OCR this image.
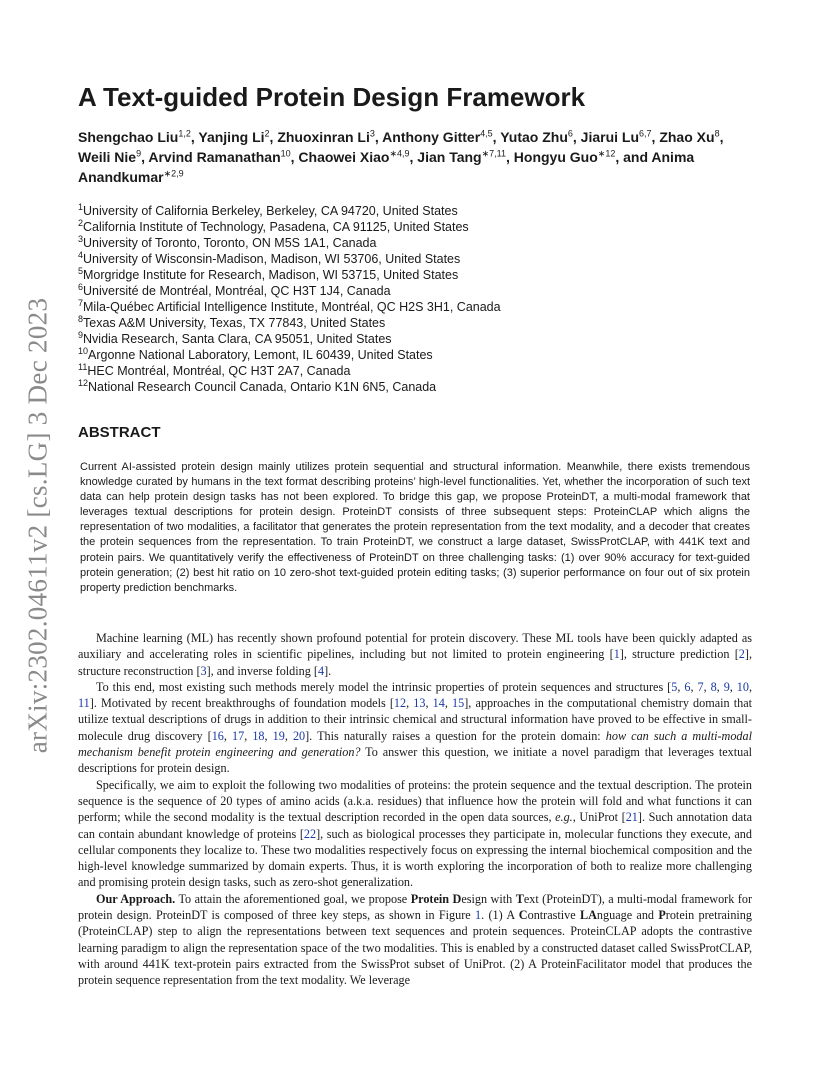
arXiv:2302.04611v2 [cs.LG] 3 Dec 2023
A Text-guided Protein Design Framework
Shengchao Liu$^{1,2}$, Yanjing Li$^2$, Zhuoxinran Li$^3$, Anthony Gitter$^{4,5}$, Yutao Zhu$^6$, Jiarui Lu$^{6,7}$, Zhao Xu$^8$, Weili Nie$^9$, Arvind Ramanathan$^{10}$, Chaowei Xiao$^{∗4,9}$, Jian Tang$^{∗7,11}$, Hongyu Guo$^{∗12}$, and Anima Anandkumar$^{∗2,9}$
$^1$University of California Berkeley, Berkeley, CA 94720, United States
$^2$California Institute of Technology, Pasadena, CA 91125, United States
$^3$University of Toronto, Toronto, ON M5S 1A1, Canada
$^4$University of Wisconsin-Madison, Madison, WI 53706, United States
$^5$Morgridge Institute for Research, Madison, WI 53715, United States
$^6$Université de Montréal, Montréal, QC H3T 1J4, Canada
$^7$Mila-Québec Artificial Intelligence Institute, Montréal, QC H2S 3H1, Canada
$^8$Texas A&M University, Texas, TX 77843, United States
$^9$Nvidia Research, Santa Clara, CA 95051, United States
$^{10}$Argonne National Laboratory, Lemont, IL 60439, United States
$^{11}$HEC Montréal, Montréal, QC H3T 2A7, Canada
$^{12}$National Research Council Canada, Ontario K1N 6N5, Canada
ABSTRACT
Current AI-assisted protein design mainly utilizes protein sequential and structural information. Meanwhile, there exists tremendous knowledge curated by humans in the text format describing proteins’ high-level functionalities. Yet, whether the incorporation of such text data can help protein design tasks has not been explored. To bridge this gap, we propose ProteinDT, a multi-modal framework that leverages textual descriptions for protein design. ProteinDT consists of three subsequent steps: ProteinCLAP which aligns the representation of two modalities, a facilitator that generates the protein representation from the text modality, and a decoder that creates the protein sequences from the representation. To train ProteinDT, we construct a large dataset, SwissProtCLAP, with 441K text and protein pairs. We quantitatively verify the effectiveness of ProteinDT on three challenging tasks: (1) over 90% accuracy for text-guided protein generation; (2) best hit ratio on 10 zero-shot text-guided protein editing tasks; (3) superior performance on four out of six protein property prediction benchmarks.

Machine learning (ML) has recently shown profound potential for protein discovery. These ML tools have been quickly adapted as auxiliary and accelerating roles in scientific pipelines, including but not limited to protein engineering [1], structure prediction [2], structure reconstruction [3], and inverse folding [4].

To this end, most existing such methods merely model the intrinsic properties of protein sequences and structures [5, 6, 7, 8, 9, 10, 11]. Motivated by recent breakthroughs of foundation models [12, 13, 14, 15], approaches in the computational chemistry domain that utilize textual descriptions of drugs in addition to their intrinsic chemical and structural information have proved to be effective in small-molecule drug discovery [16, 17, 18, 19, 20]. This naturally raises a question for the protein domain: how can such a multi-modal mechanism benefit protein engineering and generation? To answer this question, we initiate a novel paradigm that leverages textual descriptions for protein design.

Specifically, we aim to exploit the following two modalities of proteins: the protein sequence and the textual description. The protein sequence is the sequence of 20 types of amino acids (a.k.a. residues) that influence how the protein will fold and what functions it can perform; while the second modality is the textual description recorded in the open data sources, e.g., UniProt [21]. Such annotation data can contain abundant knowledge of proteins [22], such as biological processes they participate in, molecular functions they execute, and cellular components they localize to. These two modalities respectively focus on expressing the internal biochemical composition and the high-level knowledge summarized by domain experts. Thus, it is worth exploring the incorporation of both to realize more challenging and promising protein design tasks, such as zero-shot generalization.

Our Approach. To attain the aforementioned goal, we propose Protein Design with Text (ProteinDT), a multi-modal framework for protein design. ProteinDT is composed of three key steps, as shown in Figure 1. (1) A Contrastive LAnguage and Protein pretraining (ProteinCLAP) step to align the representations between text sequences and protein sequences. ProteinCLAP adopts the contrastive learning paradigm to align the representation space of the two modalities. This is enabled by a constructed dataset called SwissProtCLAP, with around 441K text-protein pairs extracted from the SwissProt subset of UniProt. (2) A ProteinFacilitator model that produces the protein sequence representation from the text modality. We leverage
